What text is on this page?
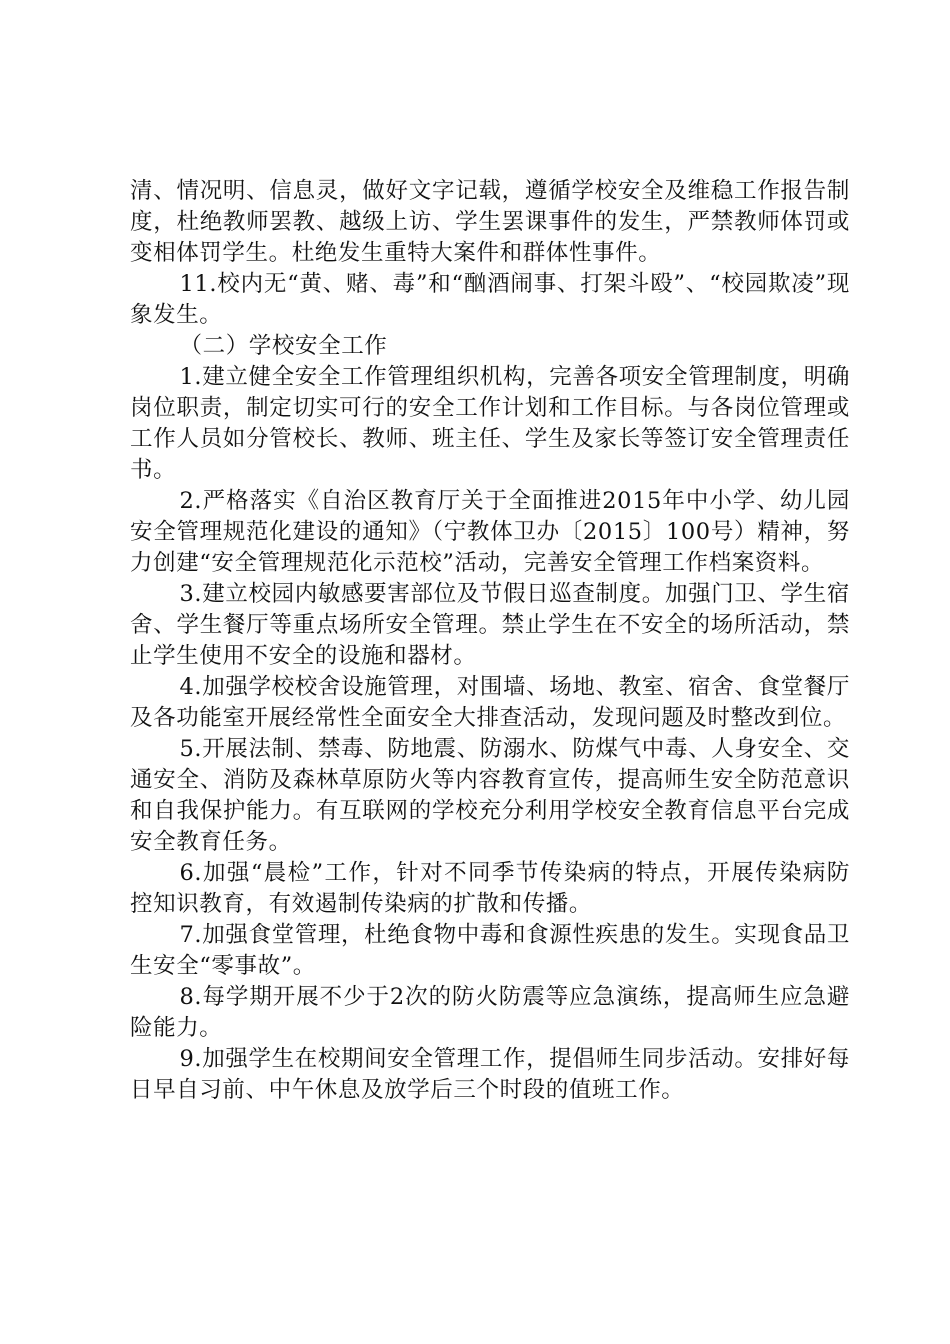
清、情况明、信息灵，做好文字记载，遵循学校安全及维稳工作报告制度，杜绝教师罢教、越级上访、学生罢课事件的发生，严禁教师体罚或变相体罚学生。杜绝发生重特大案件和群体性事件。

11.校内无“黄、赌、毒”和“酗酒闹事、打架斗殴”、“校园欺凌”现象发生。

（二）学校安全工作

1.建立健全安全工作管理组织机构，完善各项安全管理制度，明确岗位职责，制定切实可行的安全工作计划和工作目标。与各岗位管理或工作人员如分管校长、教师、班主任、学生及家长等签订安全管理责任书。

2.严格落实《自治区教育厅关于全面推进2015年中小学、幼儿园安全管理规范化建设的通知》（宁教体卫办〔2015〕100号）精神，努力创建“安全管理规范化示范校”活动，完善安全管理工作档案资料。

3.建立校园内敏感要害部位及节假日巡查制度。加强门卫、学生宿舍、学生餐厅等重点场所安全管理。禁止学生在不安全的场所活动，禁止学生使用不安全的设施和器材。

4.加强学校校舍设施管理，对围墙、场地、教室、宿舍、食堂餐厅及各功能室开展经常性全面安全大排查活动，发现问题及时整改到位。

5.开展法制、禁毒、防地震、防溺水、防煤气中毒、人身安全、交通安全、消防及森林草原防火等内容教育宣传，提高师生安全防范意识和自我保护能力。有互联网的学校充分利用学校安全教育信息平台完成安全教育任务。

6.加强“晨检”工作，针对不同季节传染病的特点，开展传染病防控知识教育，有效遏制传染病的扩散和传播。

7.加强食堂管理，杜绝食物中毒和食源性疾患的发生。实现食品卫生安全“零事故”。

8.每学期开展不少于2次的防火防震等应急演练，提高师生应急避险能力。

9.加强学生在校期间安全管理工作，提倡师生同步活动。安排好每日早自习前、中午休息及放学后三个时段的值班工作。
